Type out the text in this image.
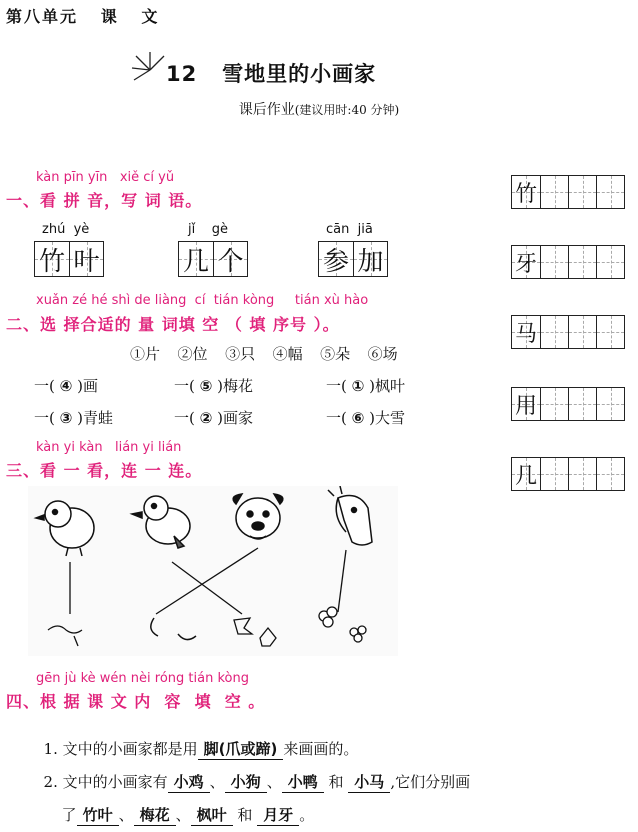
第八单元   课   文
12 雪地里的小画家
课后作业(建议用时:40 分钟)
kàn pīn yīn   xiě cí yǔ
一、看 拼 音，写 词 语。
zhú  yè
竹 叶
jǐ    gè
几 个
cān  jiā
参 加
竹
牙
马
用
几
xuǎn zé hé shì de liàng  cí  tián kòng     tián xù hào
二、选 择合适的 量 词填 空 （ 填 序号 ）。
①片  ②位  ③只  ④幅  ⑤朵  ⑥场
一( ④ )画	一( ⑤ )梅花	一( ① )枫叶
一( ③ )青蛙	一( ② )画家	一( ⑥ )大雪
kàn yi kàn   lián yi lián
三、看 一 看，连 一 连。
gēn jù kè wén nèi róng tián kòng
四、根 据 课 文 内  容  填  空 。

1. 文中的小画家都是用 脚(爪或蹄) 来画画的。

2. 文中的小画家有 小鸡 、 小狗 、 小鸭 和 小马 ,它们分别画

了 竹叶 、 梅花 、 枫叶 和 月牙 。
